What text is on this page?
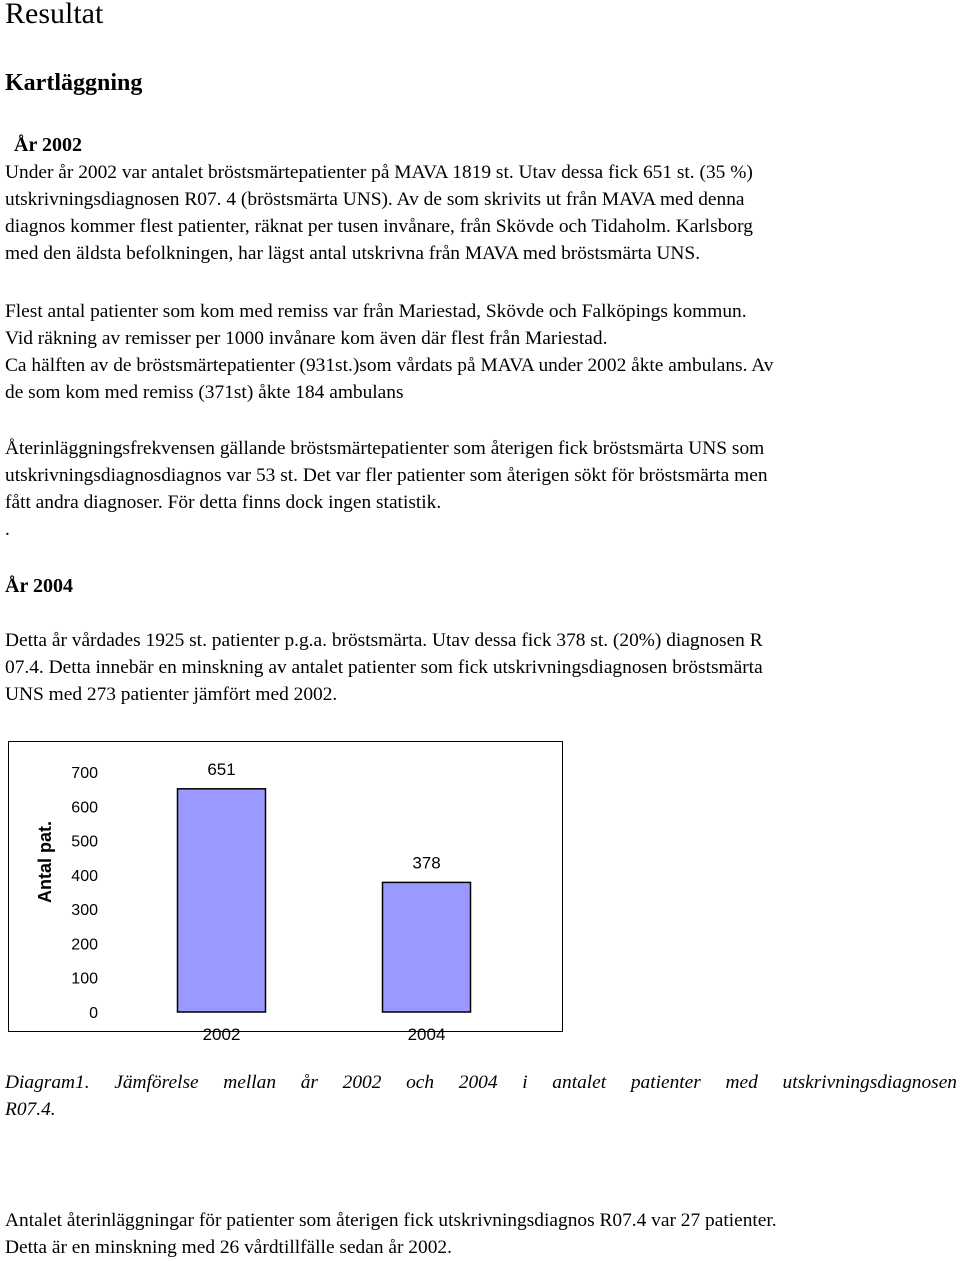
Resultat
Kartläggning
År 2002
Under år 2002 var antalet bröstsmärtepatienter på MAVA 1819 st. Utav dessa fick 651 st. (35 %)
utskrivningsdiagnosen R07. 4 (bröstsmärta UNS). Av de som skrivits ut från MAVA med denna
diagnos kommer flest patienter, räknat per tusen invånare, från Skövde och Tidaholm. Karlsborg
med den äldsta befolkningen, har lägst antal utskrivna från MAVA med bröstsmärta UNS.
Flest antal patienter som kom med remiss var från Mariestad, Skövde och Falköpings kommun.
Vid räkning av remisser per 1000 invånare kom även där flest från Mariestad.
Ca hälften av de bröstsmärtepatienter (931st.)som vårdats på MAVA under 2002 åkte ambulans. Av
de som kom med remiss (371st) åkte 184 ambulans
Återinläggningsfrekvensen gällande bröstsmärtepatienter som återigen fick bröstsmärta UNS som
utskrivningsdiagnosdiagnos var 53 st. Det var fler patienter som återigen sökt för bröstsmärta men
fått andra diagnoser. För detta finns dock ingen statistik.
.
År 2004
Detta år vårdades 1925 st. patienter p.g.a. bröstsmärta. Utav dessa fick 378 st. (20%) diagnosen R
07.4. Detta innebär en minskning av antalet patienter som fick utskrivningsdiagnosen bröstsmärta
UNS med 273 patienter jämfört med 2002.
700
600
500
400
300
200
100
0
Antal pat.
651
2002
378
2004
Diagram1. Jämförelse mellan år 2002 och 2004 i antalet patienter med utskrivningsdiagnosen
R07.4.
Antalet återinläggningar för patienter som återigen fick utskrivningsdiagnos R07.4 var 27 patienter.
Detta är en minskning med 26 vårdtillfälle sedan år 2002.
